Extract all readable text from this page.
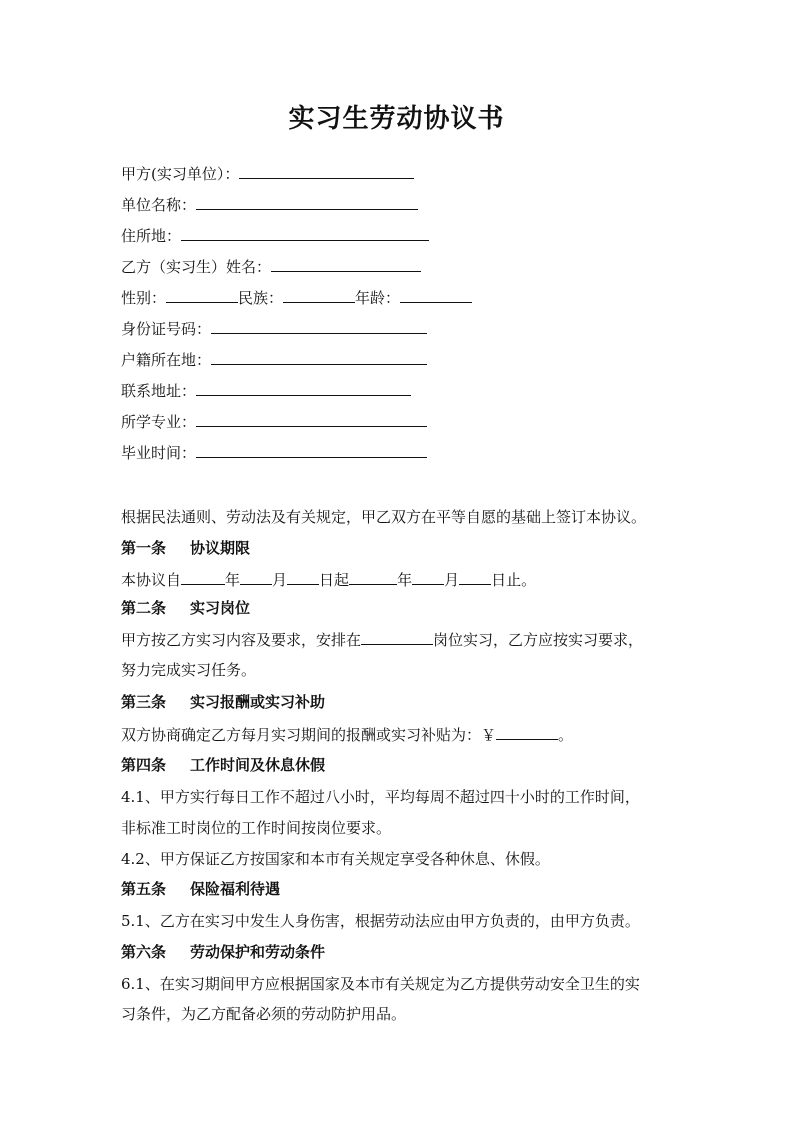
实习生劳动协议书
甲方(实习单位）：
单位名称：
住所地：
乙方（实习生）姓名：
性别：	民族：	年龄：
身份证号码：
户籍所在地：
联系地址：
所学专业：
毕业时间：
根据民法通则、劳动法及有关规定，甲乙双方在平等自愿的基础上签订本协议。
第一条 协议期限
本协议自	年 月 日起	年 月 日止。
第二条 实习岗位
甲方按乙方实习内容及要求，安排在	岗位实习，乙方应按实习要求，
努力完成实习任务。
第三条 实习报酬或实习补助
双方协商确定乙方每月实习期间的报酬或实习补贴为：￥	。
第四条 工作时间及休息休假
4.1、甲方实行每日工作不超过八小时，平均每周不超过四十小时的工作时间，
非标准工时岗位的工作时间按岗位要求。
4.2、甲方保证乙方按国家和本市有关规定享受各种休息、休假。
第五条 保险福利待遇
5.1、乙方在实习中发生人身伤害，根据劳动法应由甲方负责的，由甲方负责。
第六条 劳动保护和劳动条件
6.1、在实习期间甲方应根据国家及本市有关规定为乙方提供劳动安全卫生的实
习条件，为乙方配备必须的劳动防护用品。
